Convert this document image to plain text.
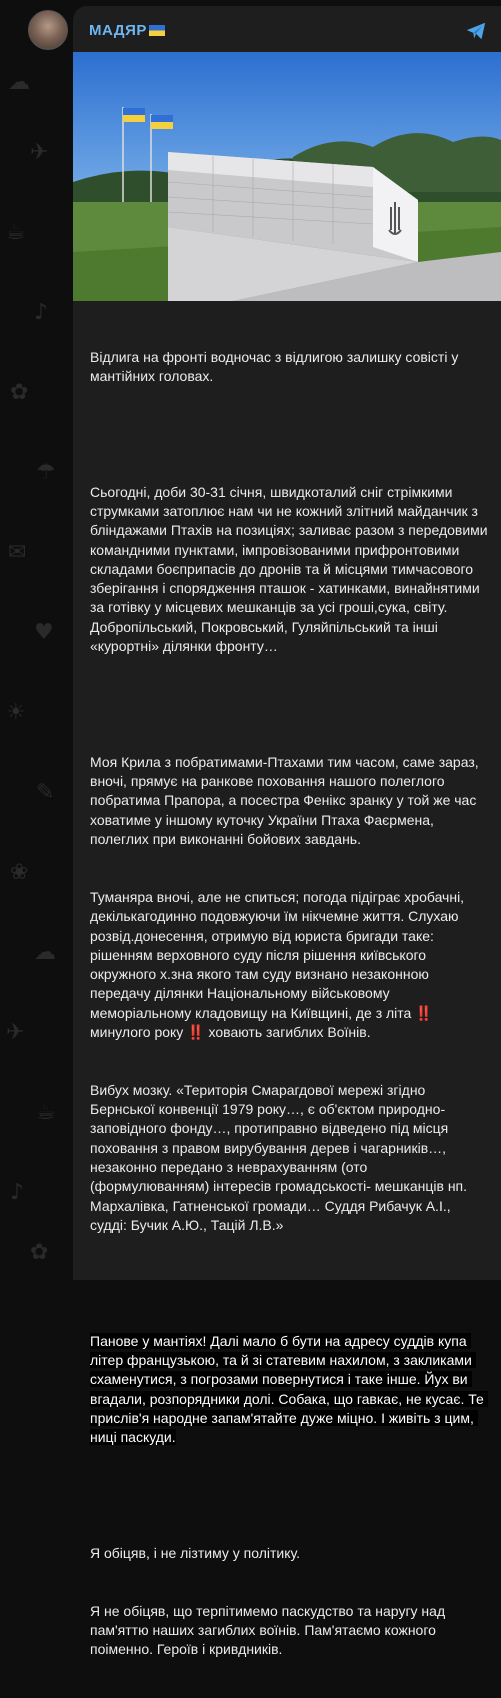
☁
✈
☕
♪
✿
☂
✉
♥
☀
✎
❀
☁
✈
☕
♪
✿
МАДЯР

Відлига на фронті водночас з відлигою залишку совісті у мантійних головах.

Сьогодні, доби 30-31 січня, швидкоталий сніг стрімкими струмками затоплює нам чи не кожний злітний майданчик з бліндажами Птахів на позиціях; заливає разом з передовими командними пунктами, імпровізованими прифронтовими складами боєприпасів до дронів та й місцями тимчасового зберігання і спорядження пташок - хатинками, винайнятими за готівку у місцевих мешканців за усі гроші,сука, світу. Добропільський, Покровський, Гуляйпільський та інші «курортні» ділянки фронту…

Моя Крила з побратимами-Птахами тим часом, саме зараз, вночі, прямує на ранкове поховання нашого полеглого побратима Прапора, а посестра Фенікс зранку у той же час ховатиме у іншому куточку України Птаха Фаєрмена, полеглих при виконанні бойових завдань.

Туманяра вночі, але не спиться; погода підіграє хробачні, декількагодинно подовжуючи їм нікчемне життя. Слухаю розвід.донесення, отримую від юриста бригади таке: рішенням верховного суду після рішення київського окружного х.зна якого там суду визнано незаконною передачу ділянки Національному військовому меморіальному кладовищу на Київщині, де з літа ‼️ минулого року ‼️ ховають загиблих Воїнів.

Вибух мозку. «Територія Смарагдової мережі згідно Бернської конвенції 1979 року…, є об'єктом природно-заповідного фонду…, протиправно відведено під місця поховання з правом вирубування дерев і чагарників…, незаконно передано з неврахуванням (ото (формулюванням) інтересів громадськості- мешканців нп. Мархалівка, Гатненської громади… Суддя Рибачук А.І., судді: Бучик А.Ю., Тацій Л.В.»

Панове у мантіях! Далі мало б бути на адресу суддів купа літер французькою, та й зі статевим нахилом, з закликами схаменутися, з погрозами повернутися і таке інше. Йух ви вгадали, розпорядники долі. Собака, що гавкає, не кусає. Те прислів'я народне запам'ятайте дуже міцно. І живіть з цим, ниці паскуди.

Я обіцяв, і не лізтиму у політику.

Я не обіцяв, що терпітимемо паскудство та наругу над пам'яттю наших загиблих воїнів. Пам'ятаємо кожного поіменно. Героїв і кривдників.
